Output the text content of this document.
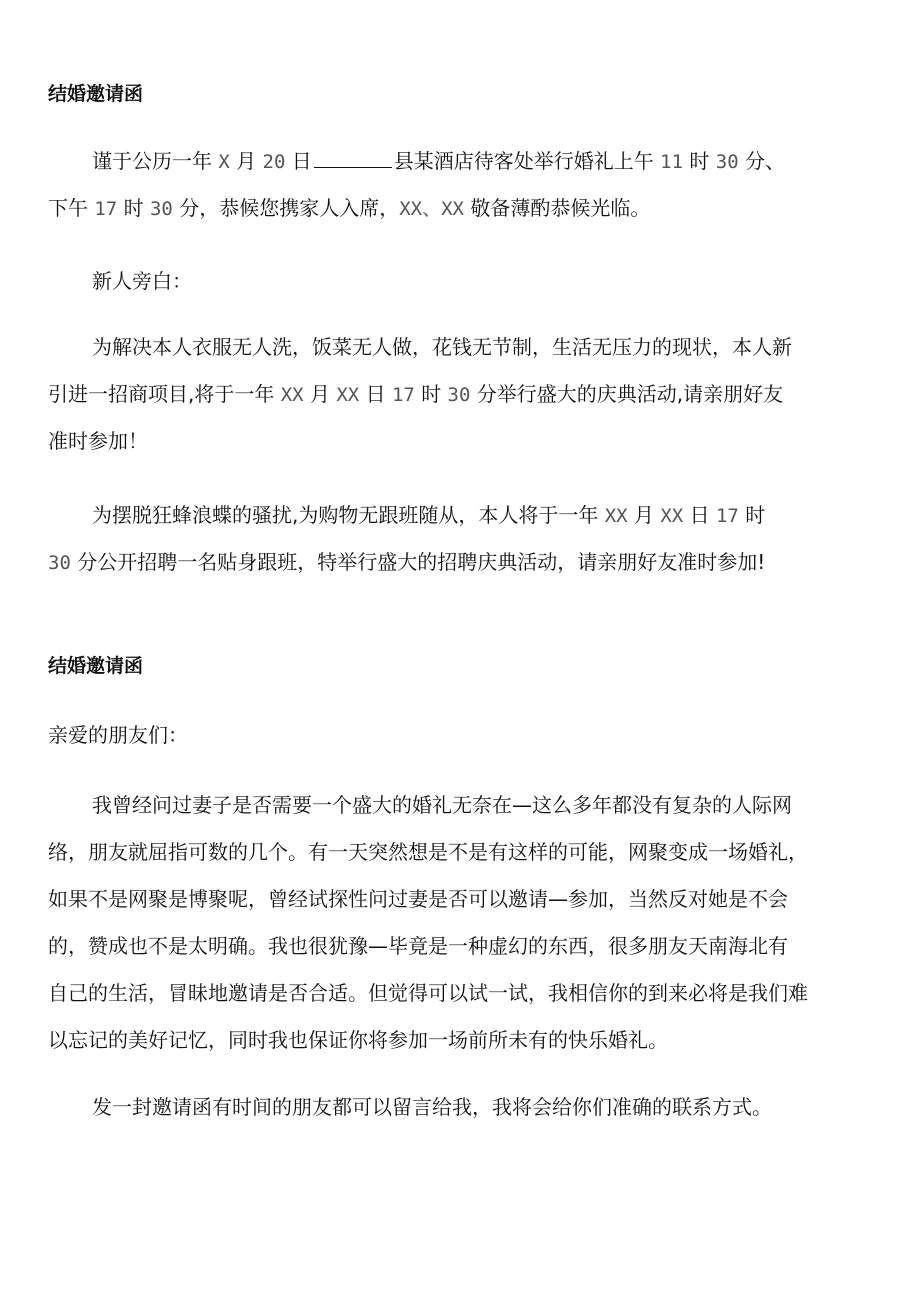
结婚邀请函
谨于公历一年 X 月 20 日	县某酒店待客处举行婚礼上午 11 时 30 分、
下午 17 时 30 分，恭候您携家人入席，XX、XX 敬备薄酌恭候光临。
新人旁白：
为解决本人衣服无人洗，饭菜无人做，花钱无节制，生活无压力的现状，本人新
引进一招商项目,将于一年 XX 月 XX 日 17 时 30 分举行盛大的庆典活动,请亲朋好友
准时参加！
为摆脱狂蜂浪蝶的骚扰,为购物无跟班随从，本人将于一年 XX 月 XX 日 17 时
30 分公开招聘一名贴身跟班，特举行盛大的招聘庆典活动，请亲朋好友准时参加!
结婚邀请函
亲爱的朋友们：
我曾经问过妻子是否需要一个盛大的婚礼无奈在—这么多年都没有复杂的人际网
络，朋友就屈指可数的几个。有一天突然想是不是有这样的可能，网聚变成一场婚礼，
如果不是网聚是博聚呢，曾经试探性问过妻是否可以邀请—参加，当然反对她是不会
的，赞成也不是太明确。我也很犹豫—毕竟是一种虚幻的东西，很多朋友天南海北有
自己的生活，冒昧地邀请是否合适。但觉得可以试一试，我相信你的到来必将是我们难
以忘记的美好记忆，同时我也保证你将参加一场前所未有的快乐婚礼。
发一封邀请函有时间的朋友都可以留言给我，我将会给你们准确的联系方式。
